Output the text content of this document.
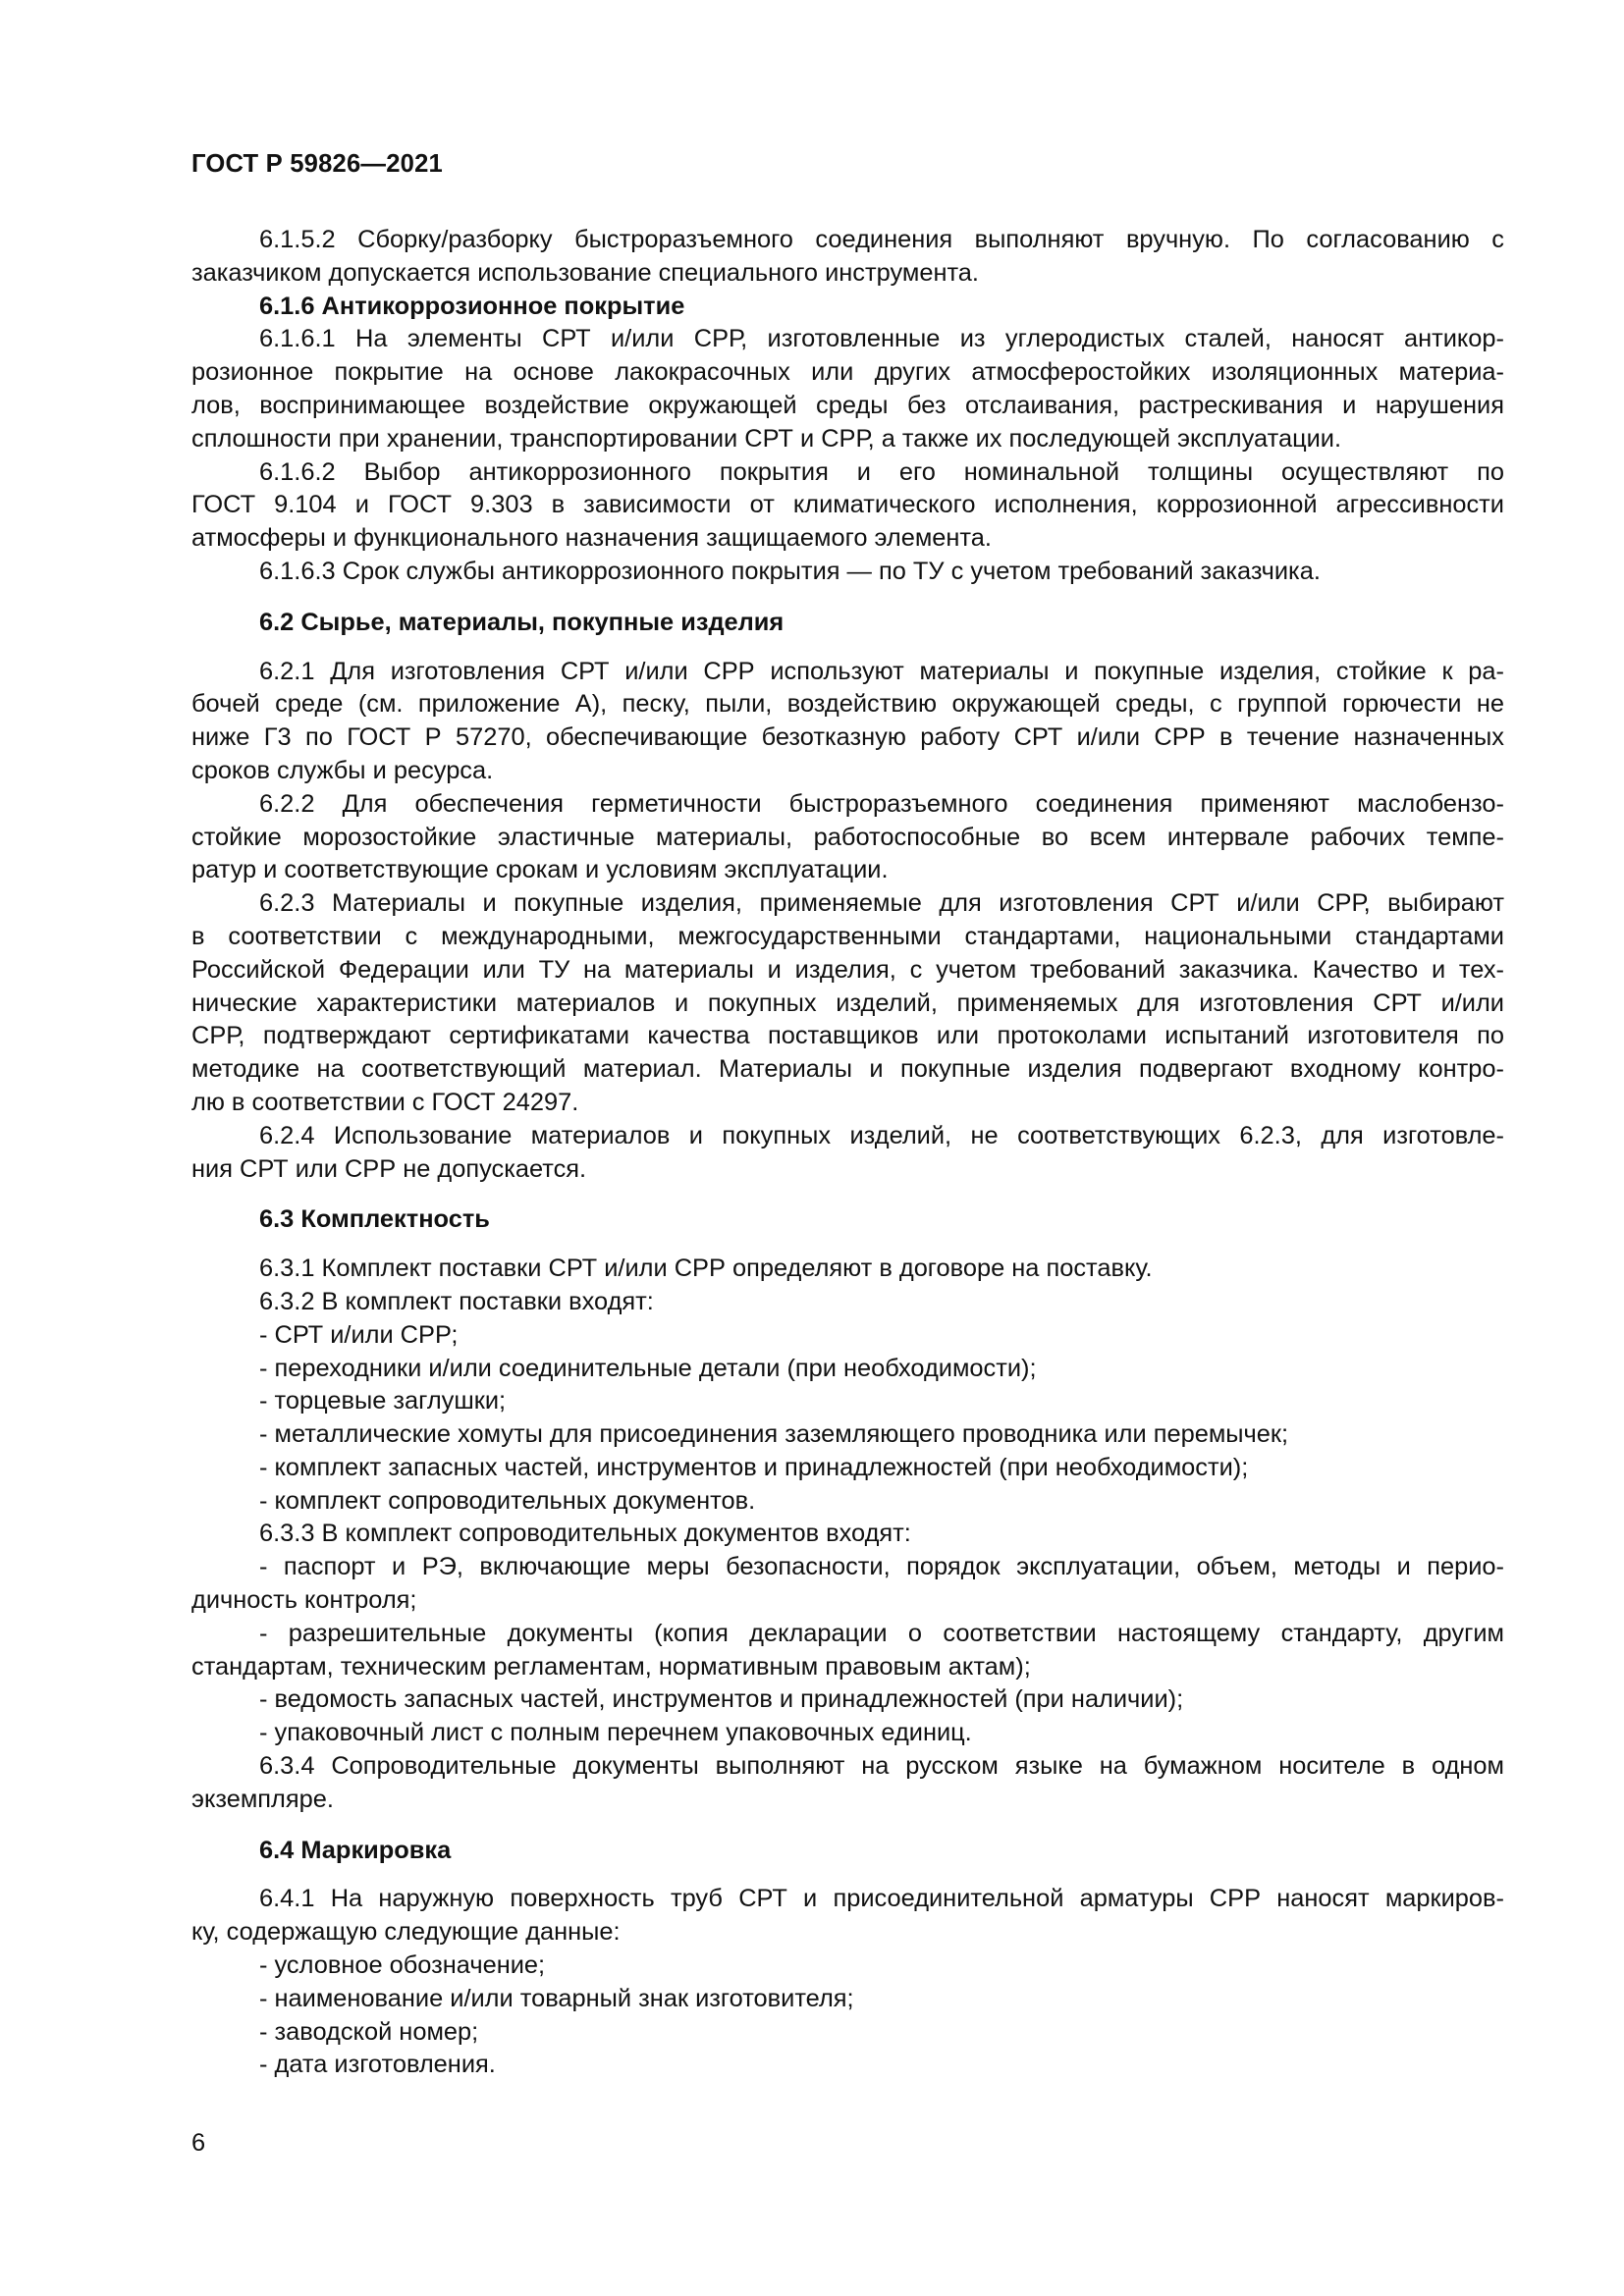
ГОСТ Р 59826—2021

6.1.5.2 Сборку/разборку быстроразъемного соединения выполняют вручную. По согласованию с

заказчиком допускается использование специального инструмента.

6.1.6 Антикоррозионное покрытие

6.1.6.1 На элементы СРТ и/или СРР, изготовленные из углеродистых сталей, наносят антикор-

розионное покрытие на основе лакокрасочных или других атмосферостойких изоляционных материа-

лов, воспринимающее воздействие окружающей среды без отслаивания, растрескивания и нарушения

сплошности при хранении, транспортировании СРТ и СРР, а также их последующей эксплуатации.

6.1.6.2 Выбор антикоррозионного покрытия и его номинальной толщины осуществляют по

ГОСТ 9.104 и ГОСТ 9.303 в зависимости от климатического исполнения, коррозионной агрессивности

атмосферы и функционального назначения защищаемого элемента.

6.1.6.3 Срок службы антикоррозионного покрытия — по ТУ с учетом требований заказчика.

6.2 Сырье, материалы, покупные изделия

6.2.1 Для изготовления СРТ и/или СРР используют материалы и покупные изделия, стойкие к ра-

бочей среде (см. приложение А), песку, пыли, воздействию окружающей среды, с группой горючести не

ниже Г3 по ГОСТ Р 57270, обеспечивающие безотказную работу СРТ и/или СРР в течение назначенных

сроков службы и ресурса.

6.2.2 Для обеспечения герметичности быстроразъемного соединения применяют маслобензо-

стойкие морозостойкие эластичные материалы, работоспособные во всем интервале рабочих темпе-

ратур и соответствующие срокам и условиям эксплуатации.

6.2.3 Материалы и покупные изделия, применяемые для изготовления СРТ и/или СРР, выбирают

в соответствии с международными, межгосударственными стандартами, национальными стандартами

Российской Федерации или ТУ на материалы и изделия, с учетом требований заказчика. Качество и тех-

нические характеристики материалов и покупных изделий, применяемых для изготовления СРТ и/или

СРР, подтверждают сертификатами качества поставщиков или протоколами испытаний изготовителя по

методике на соответствующий материал. Материалы и покупные изделия подвергают входному контро-

лю в соответствии с ГОСТ 24297.

6.2.4 Использование материалов и покупных изделий, не соответствующих 6.2.3, для изготовле-

ния СРТ или СРР не допускается.

6.3 Комплектность

6.3.1 Комплект поставки СРТ и/или СРР определяют в договоре на поставку.

6.3.2 В комплект поставки входят:

- СРТ и/или СРР;

- переходники и/или соединительные детали (при необходимости);

- торцевые заглушки;

- металлические хомуты для присоединения заземляющего проводника или перемычек;

- комплект запасных частей, инструментов и принадлежностей (при необходимости);

- комплект сопроводительных документов.

6.3.3 В комплект сопроводительных документов входят:

- паспорт и РЭ, включающие меры безопасности, порядок эксплуатации, объем, методы и перио-

дичность контроля;

- разрешительные документы (копия декларации о соответствии настоящему стандарту, другим

стандартам, техническим регламентам, нормативным правовым актам);

- ведомость запасных частей, инструментов и принадлежностей (при наличии);

- упаковочный лист с полным перечнем упаковочных единиц.

6.3.4 Сопроводительные документы выполняют на русском языке на бумажном носителе в одном

экземпляре.

6.4 Маркировка

6.4.1 На наружную поверхность труб СРТ и присоединительной арматуры СРР наносят маркиров-

ку, содержащую следующие данные:

- условное обозначение;

- наименование и/или товарный знак изготовителя;

- заводской номер;

- дата изготовления.

6
